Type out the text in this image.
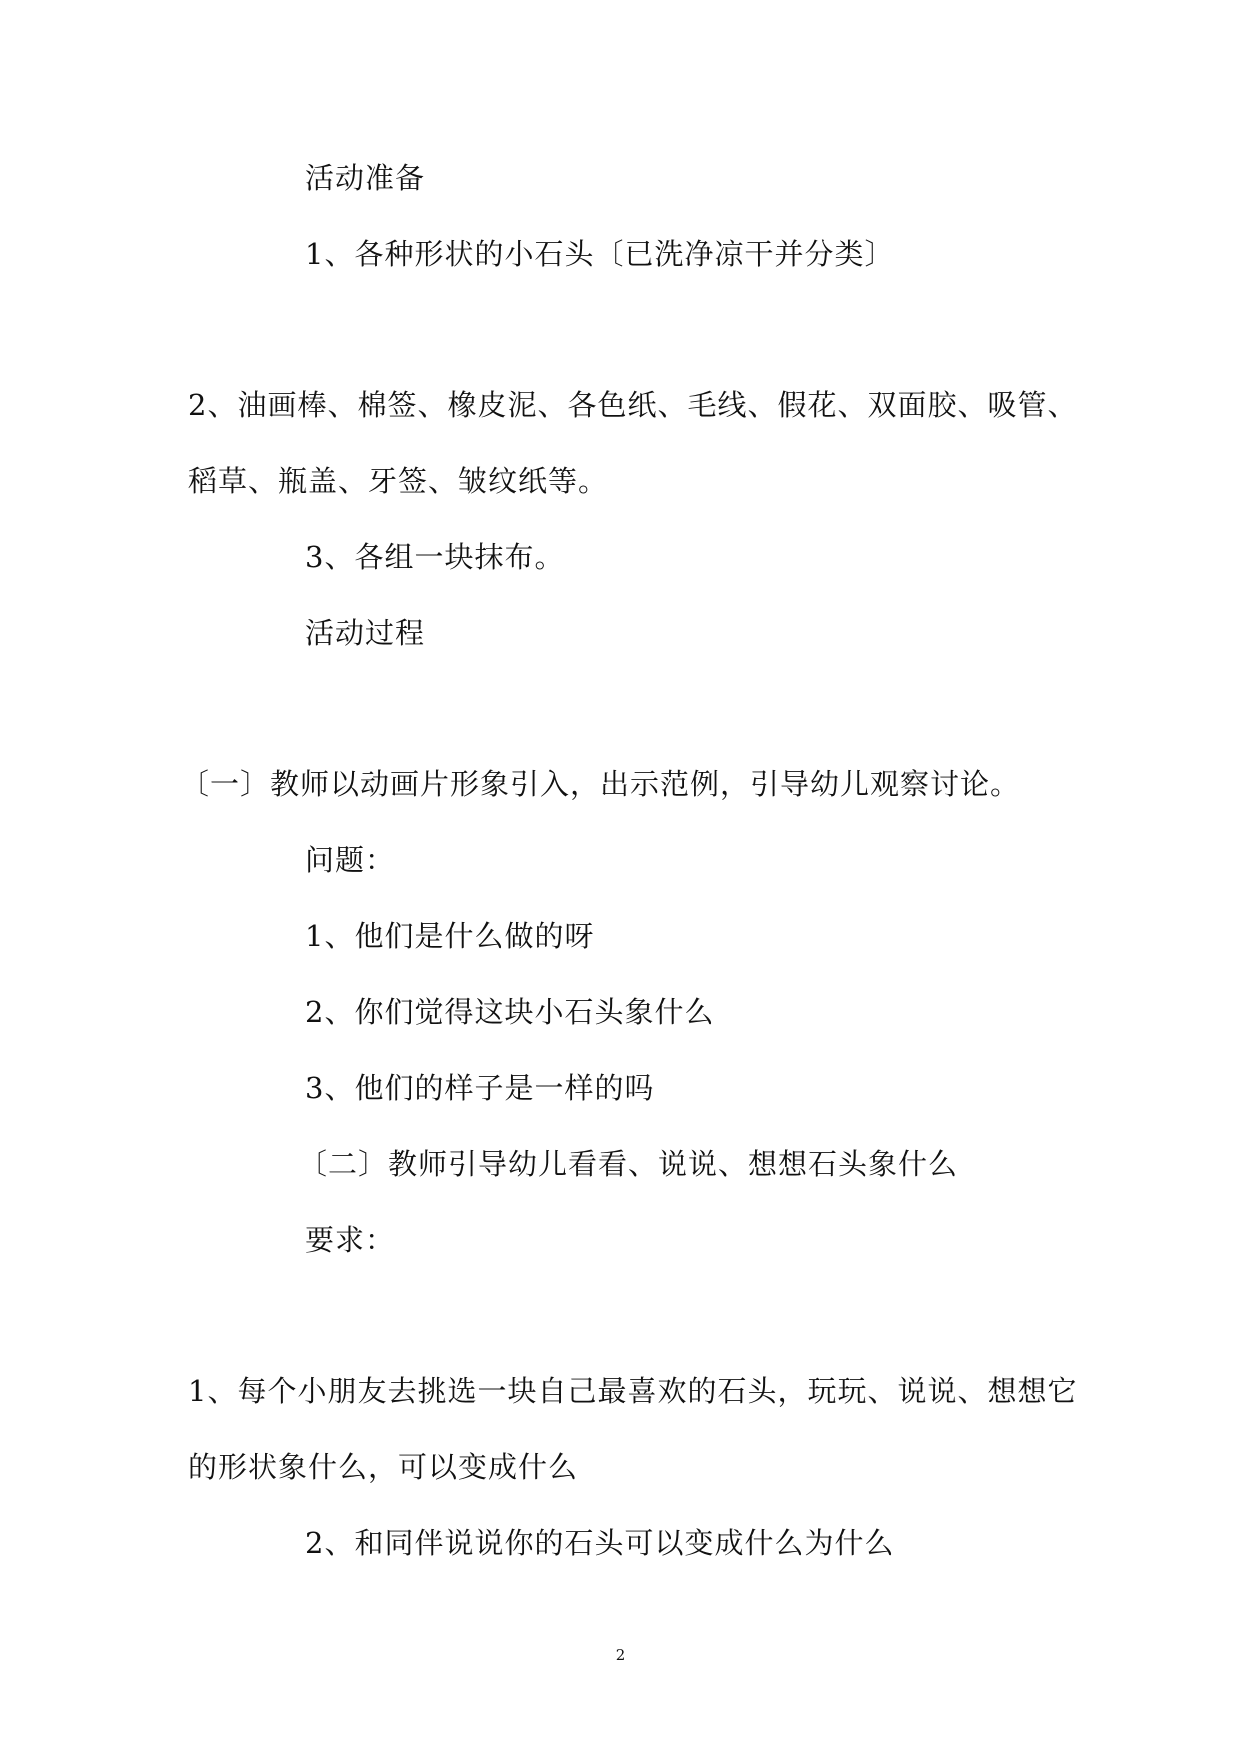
活动准备
1、各种形状的小石头〔已洗净凉干并分类〕
2、油画棒、棉签、橡皮泥、各色纸、毛线、假花、双面胶、吸管、
稻草、瓶盖、牙签、皱纹纸等。
3、各组一块抹布。
活动过程
〔一〕教师以动画片形象引入，出示范例，引导幼儿观察讨论。
问题：
1、他们是什么做的呀
2、你们觉得这块小石头象什么
3、他们的样子是一样的吗
〔二〕教师引导幼儿看看、说说、想想石头象什么
要求：
1、每个小朋友去挑选一块自己最喜欢的石头，玩玩、说说、想想它
的形状象什么，可以变成什么
2、和同伴说说你的石头可以变成什么为什么
2
